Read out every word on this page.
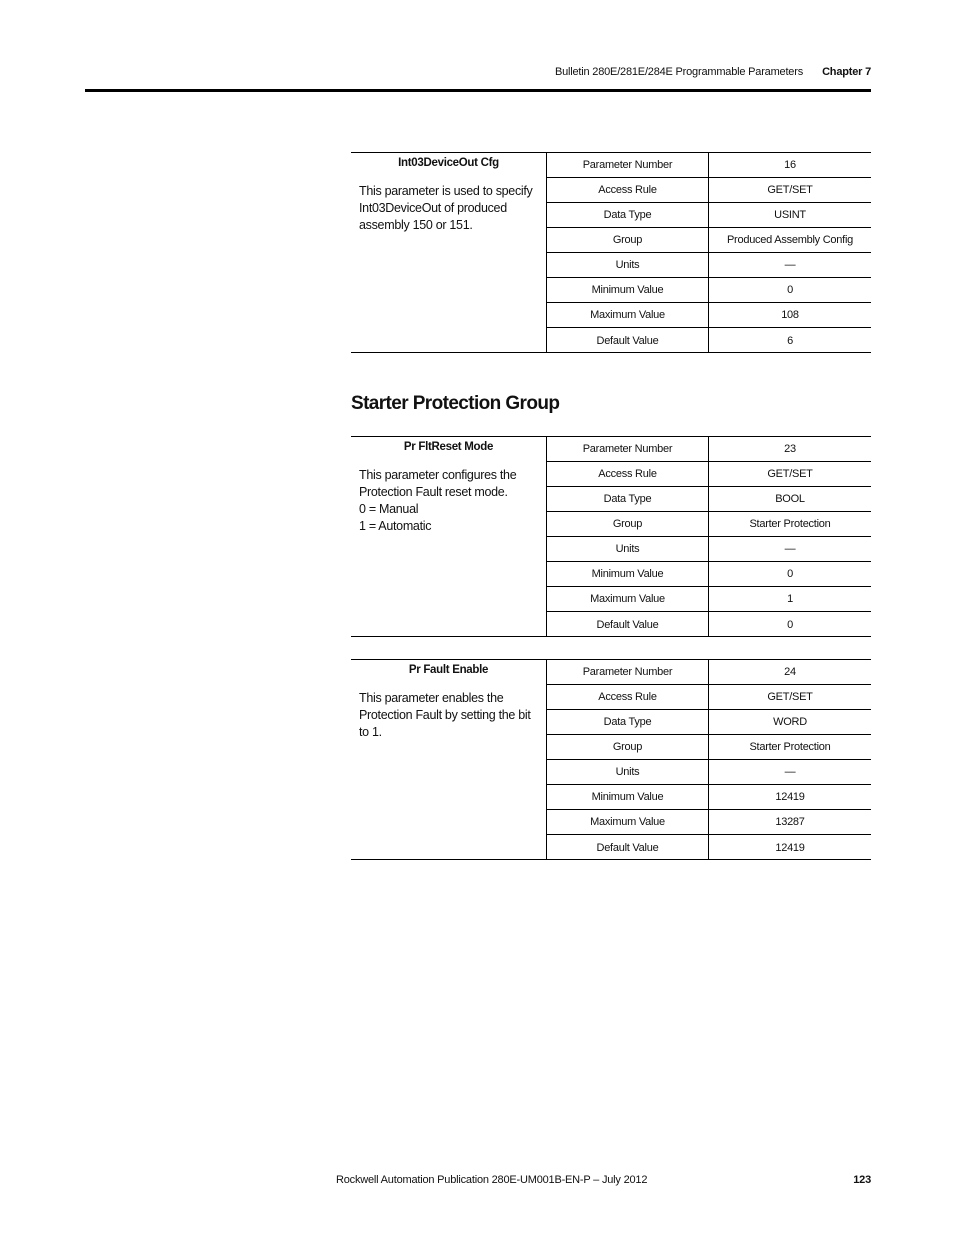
Bulletin 280E/281E/284E Programmable Parameters Chapter 7
Int03DeviceOut Cfg
This parameter is used to specify Int03DeviceOut of produced assembly 150 or 151.
Parameter Number	16
Access Rule	GET/SET
Data Type	USINT
Group	Produced Assembly Config
Units	—
Minimum Value	0
Maximum Value	108
Default Value	6
Starter Protection Group
Pr FltReset Mode
This parameter configures the Protection Fault reset mode.
0 = Manual
1 = Automatic
Parameter Number	23
Access Rule	GET/SET
Data Type	BOOL
Group	Starter Protection
Units	—
Minimum Value	0
Maximum Value	1
Default Value	0
Pr Fault Enable
This parameter enables the Protection Fault by setting the bit
to 1.
Parameter Number	24
Access Rule	GET/SET
Data Type	WORD
Group	Starter Protection
Units	—
Minimum Value	12419
Maximum Value	13287
Default Value	12419
Rockwell Automation Publication 280E-UM001B-EN-P – July 2012	123
